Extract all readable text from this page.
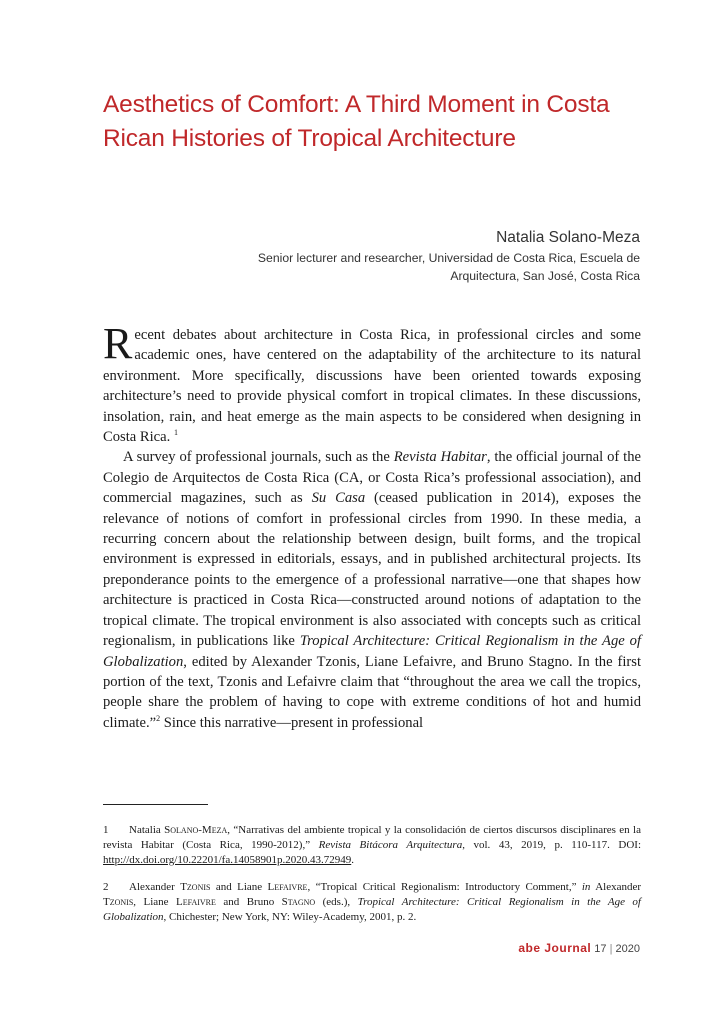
Aesthetics of Comfort: A Third Moment in Costa Rican Histories of Tropical Architecture
Natalia Solano-Meza
Senior lecturer and researcher, Universidad de Costa Rica, Escuela de Arquitectura, San José, Costa Rica

Recent debates about architecture in Costa Rica, in professional circles and some academic ones, have centered on the adaptability of the architecture to its natural environment. More specifically, discussions have been oriented towards exposing architecture’s need to provide physical comfort in tropical climates. In these discussions, insolation, rain, and heat emerge as the main aspects to be considered when designing in Costa Rica. $^1$

A survey of professional journals, such as the Revista Habitar, the official journal of the Colegio de Arquitectos de Costa Rica (CA, or Costa Rica’s professional association), and commercial magazines, such as Su Casa (ceased publication in 2014), exposes the relevance of notions of comfort in professional circles from 1990. In these media, a recurring concern about the relationship between design, built forms, and the tropical environment is expressed in editorials, essays, and in published architectural projects. Its preponderance points to the emergence of a professional narrative—one that shapes how architecture is practiced in Costa Rica—constructed around notions of adaptation to the tropical climate. The tropical environment is also associated with concepts such as critical regionalism, in publications like Tropical Architecture: Critical Regionalism in the Age of Globalization, edited by Alexander Tzonis, Liane Lefaivre, and Bruno Stagno. In the first portion of the text, Tzonis and Lefaivre claim that “throughout the area we call the tropics, people share the problem of having to cope with extreme conditions of hot and humid climate.”$^2$ Since this narrative—present in professional

1 Natalia Solano-Meza, “Narrativas del ambiente tropical y la consolidación de ciertos discursos disciplinares en la revista Habitar (Costa Rica, 1990-2012),” Revista Bitácora Arquitectura, vol. 43, 2019, p. 110-117. DOI: http://dx.doi.org/10.22201/fa.14058901p.2020.43.72949.

2 Alexander Tzonis and Liane Lefaivre, “Tropical Critical Regionalism: Introductory Comment,” in Alexander Tzonis, Liane Lefaivre and Bruno Stagno (eds.), Tropical Architecture: Critical Regionalism in the Age of Globalization, Chichester; New York, NY: Wiley-Academy, 2001, p. 2.

abe Journal 17 | 2020
